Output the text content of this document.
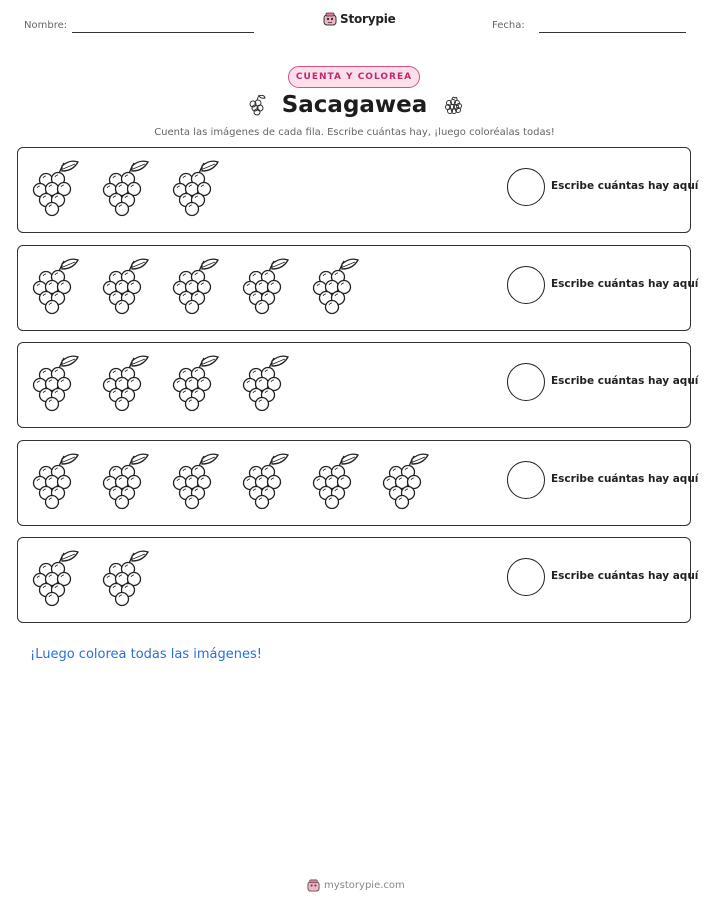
Nombre:	Storypie	Fecha:
CUENTA Y COLOREA
Sacagawea
Cuenta las imágenes de cada fila. Escribe cuántas hay, ¡luego coloréalas todas!
Escribe cuántas hay aquí
Escribe cuántas hay aquí
Escribe cuántas hay aquí
Escribe cuántas hay aquí
Escribe cuántas hay aquí
¡Luego colorea todas las imágenes!
mystorypie.com
